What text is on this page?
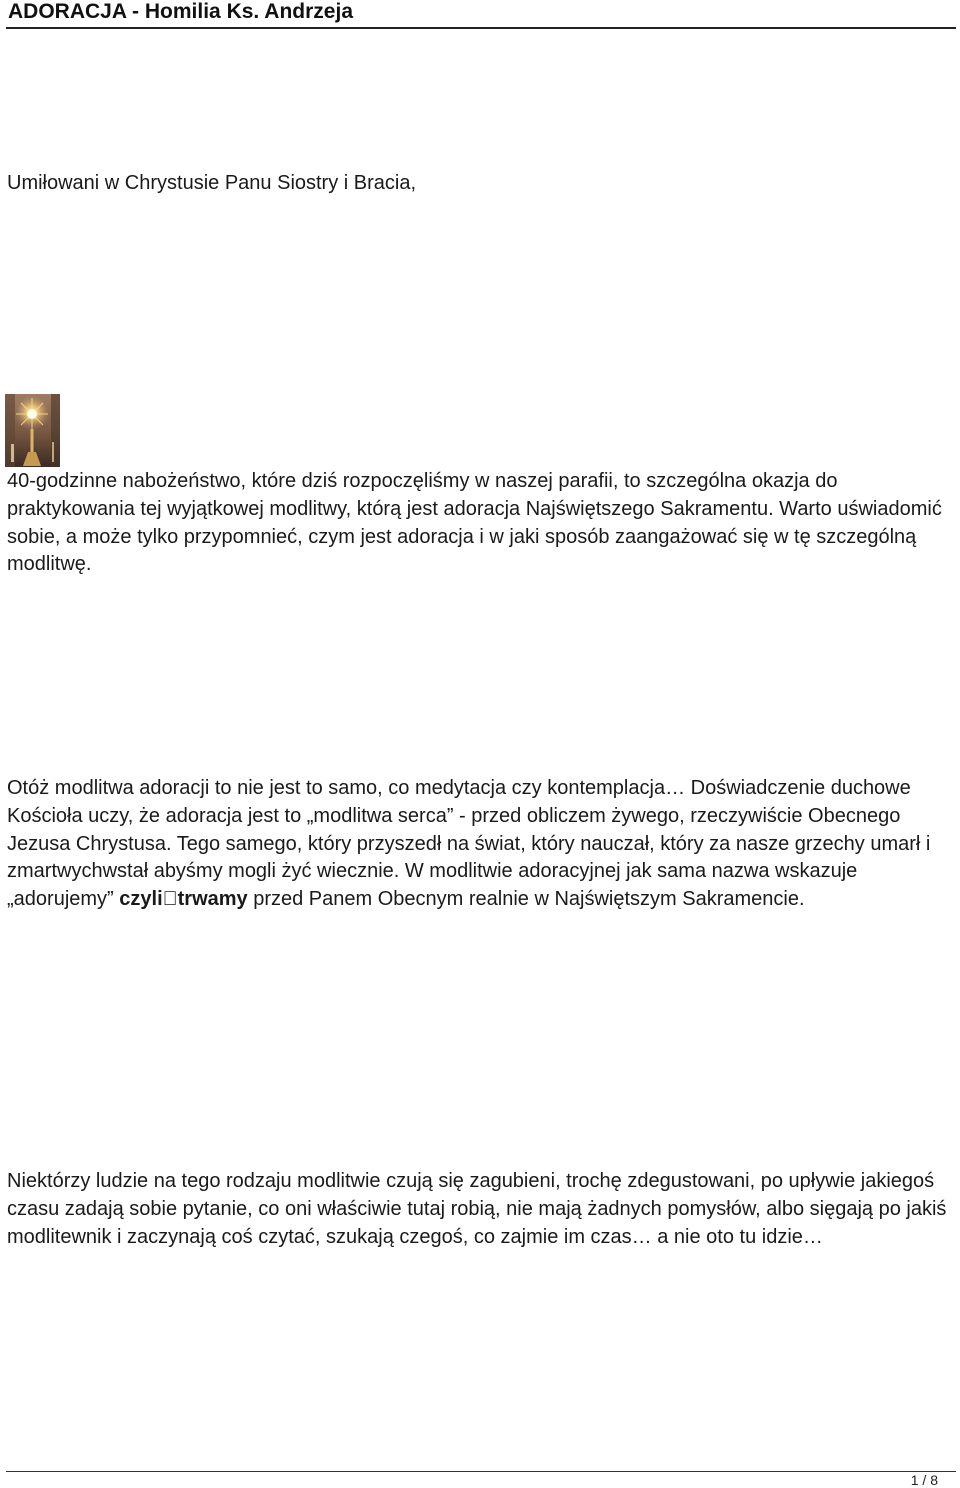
ADORACJA - Homilia Ks. Andrzeja

Umiłowani w Chrystusie Panu Siostry i Bracia,

40-godzinne nabożeństwo, które dziś rozpoczęliśmy w naszej parafii, to szczególna okazja do praktykowania tej wyjątkowej modlitwy, którą jest adoracja Najświętszego Sakramentu. Warto uświadomić sobie, a może tylko przypomnieć, czym jest adoracja i w jaki sposób zaangażować się w tę szczególną modlitwę.

Otóż modlitwa adoracji to nie jest to samo, co medytacja czy kontemplacja… Doświadczenie duchowe Kościoła uczy, że adoracja jest to „modlitwa serca” - przed obliczem żywego, rzeczywiście Obecnego Jezusa Chrystusa. Tego samego, który przyszedł na świat, który nauczał, który za nasze grzechy umarł i zmartwychwstał abyśmy mogli żyć wiecznie. W modlitwie adoracyjnej jak sama nazwa wskazuje „adorujemy” czyli trwamy przed Panem Obecnym realnie w Najświętszym Sakramencie.

Niektórzy ludzie na tego rodzaju modlitwie czują się zagubieni, trochę zdegustowani, po upływie jakiegoś czasu zadają sobie pytanie, co oni właściwie tutaj robią, nie mają żadnych pomysłów, albo sięgają po jakiś modlitewnik i zaczynają coś czytać, szukają czegoś, co zajmie im czas… a nie oto tu idzie…

1 / 8
